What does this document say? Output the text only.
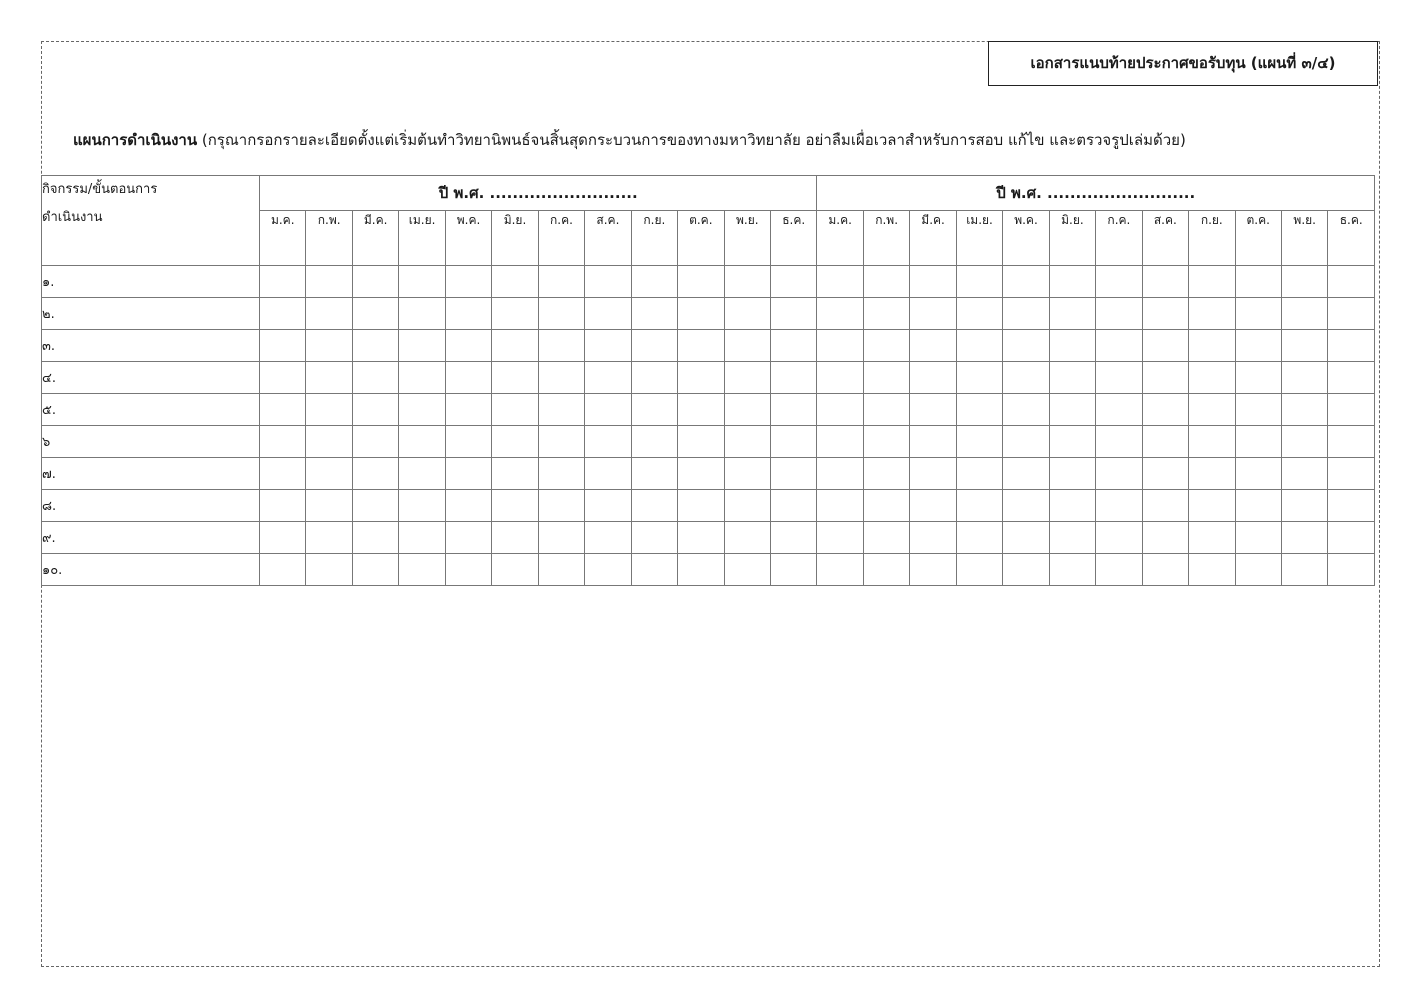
เอกสารแนบท้ายประกาศขอรับทุน (แผนที่ ๓/๔)
แผนการดำเนินงาน (กรุณากรอกรายละเอียดตั้งแต่เริ่มต้นทำวิทยานิพนธ์จนสิ้นสุดกระบวนการของทางมหาวิทยาลัย อย่าลืมเผื่อเวลาสำหรับการสอบ แก้ไข และตรวจรูปเล่มด้วย)
กิจกรรม/ขั้นตอนการ
ดำเนินงาน	ปี พ.ศ. ..........................												ปี พ.ศ. ..........................											
	ม.ค.	ก.พ.	มี.ค.	เม.ย.	พ.ค.	มิ.ย.	ก.ค.	ส.ค.	ก.ย.	ต.ค.	พ.ย.	ธ.ค.	ม.ค.	ก.พ.	มี.ค.	เม.ย.	พ.ค.	มิ.ย.	ก.ค.	ส.ค.	ก.ย.	ต.ค.	พ.ย.	ธ.ค.
๑.																								
๒.																								
๓.																								
๔.																								
๕.																								
๖																								
๗.																								
๘.																								
๙.																								
๑๐.																								
